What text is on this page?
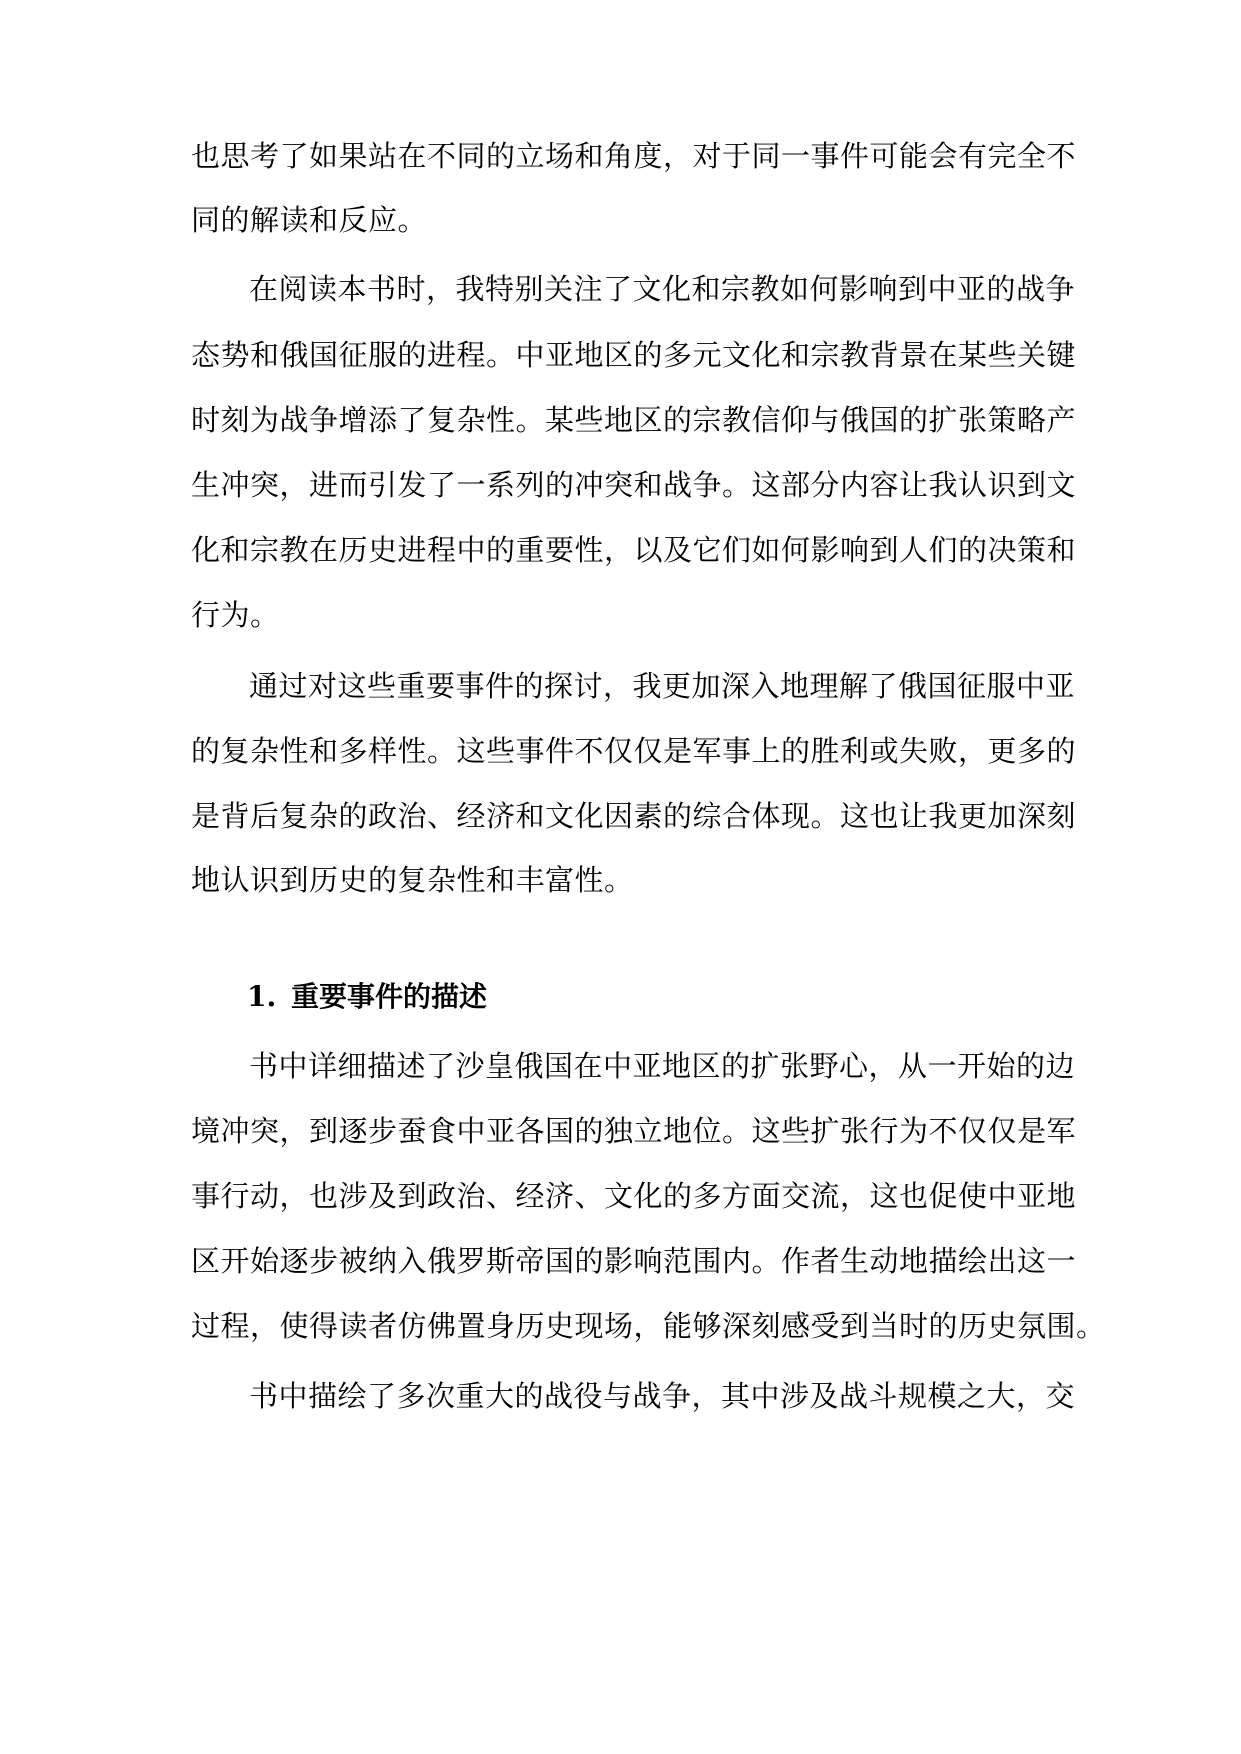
也思考了如果站在不同的立场和角度，对于同一事件可能会有完全不
同的解读和反应。
在阅读本书时，我特别关注了文化和宗教如何影响到中亚的战争
态势和俄国征服的进程。中亚地区的多元文化和宗教背景在某些关键
时刻为战争增添了复杂性。某些地区的宗教信仰与俄国的扩张策略产
生冲突，进而引发了一系列的冲突和战争。这部分内容让我认识到文
化和宗教在历史进程中的重要性，以及它们如何影响到人们的决策和
行为。
通过对这些重要事件的探讨，我更加深入地理解了俄国征服中亚
的复杂性和多样性。这些事件不仅仅是军事上的胜利或失败，更多的
是背后复杂的政治、经济和文化因素的综合体现。这也让我更加深刻
地认识到历史的复杂性和丰富性。
1. 重要事件的描述
书中详细描述了沙皇俄国在中亚地区的扩张野心，从一开始的边
境冲突，到逐步蚕食中亚各国的独立地位。这些扩张行为不仅仅是军
事行动，也涉及到政治、经济、文化的多方面交流，这也促使中亚地
区开始逐步被纳入俄罗斯帝国的影响范围内。作者生动地描绘出这一
过程，使得读者仿佛置身历史现场，能够深刻感受到当时的历史氛围。
书中描绘了多次重大的战役与战争，其中涉及战斗规模之大，交
